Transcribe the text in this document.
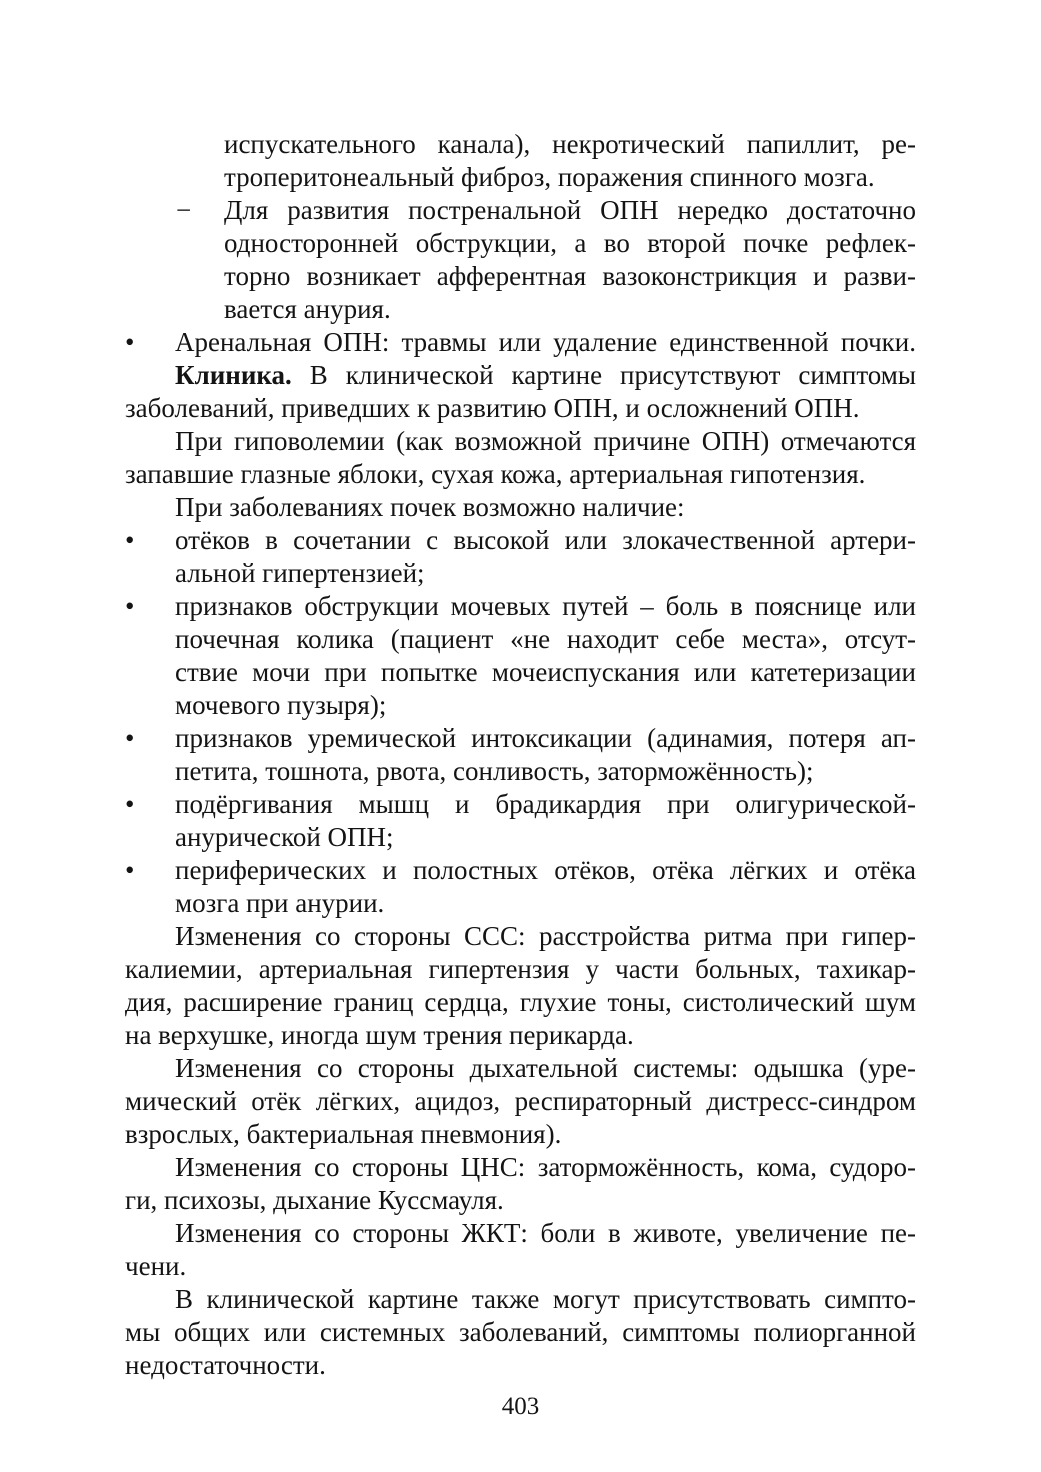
испускательного канала), некротический папиллит, ре-
троперитонеальный фиброз, поражения спинного мозга.
− Для развития постренальной ОПН нередко достаточно
односторонней обструкции, а во второй почке рефлек-
торно возникает афферентная вазоконстрикция и разви-
вается анурия.
• Аренальная ОПН: травмы или удаление единственной почки.
Клиника. В клинической картине присутствуют симптомы
заболеваний, приведших к развитию ОПН, и осложнений ОПН.
При гиповолемии (как возможной причине ОПН) отмечаются
запавшие глазные яблоки, сухая кожа, артериальная гипотензия.
При заболеваниях почек возможно наличие:
• отёков в сочетании с высокой или злокачественной артери-
альной гипертензией;
• признаков обструкции мочевых путей – боль в пояснице или
почечная колика (пациент «не находит себе места», отсут-
ствие мочи при попытке мочеиспускания или катетеризации
мочевого пузыря);
• признаков уремической интоксикации (адинамия, потеря ап-
петита, тошнота, рвота, сонливость, заторможённость);
• подёргивания мышц и брадикардия при олигурической-
анурической ОПН;
• периферических и полостных отёков, отёка лёгких и отёка
мозга при анурии.
Изменения со стороны ССС: расстройства ритма при гипер-
калиемии, артериальная гипертензия у части больных, тахикар-
дия, расширение границ сердца, глухие тоны, систолический шум
на верхушке, иногда шум трения перикарда.
Изменения со стороны дыхательной системы: одышка (уре-
мический отёк лёгких, ацидоз, респираторный дистресс-синдром
взрослых, бактериальная пневмония).
Изменения со стороны ЦНС: заторможённость, кома, судоро-
ги, психозы, дыхание Куссмауля.
Изменения со стороны ЖКТ: боли в животе, увеличение пе-
чени.
В клинической картине также могут присутствовать симпто-
мы общих или системных заболеваний, симптомы полиорганной
недостаточности.
403
